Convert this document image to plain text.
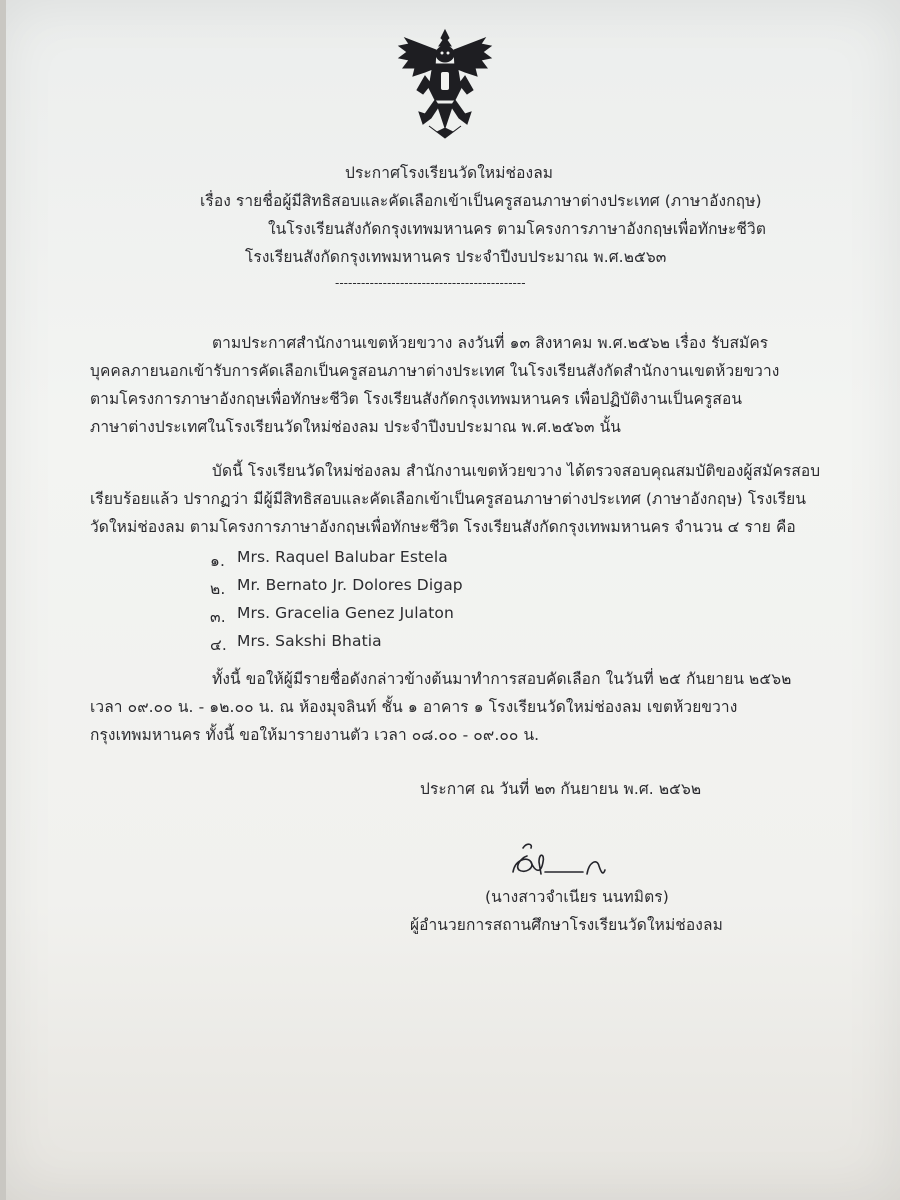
ประกาศโรงเรียนวัดใหม่ช่องลม
เรื่อง รายชื่อผู้มีสิทธิสอบและคัดเลือกเข้าเป็นครูสอนภาษาต่างประเทศ (ภาษาอังกฤษ)
ในโรงเรียนสังกัดกรุงเทพมหานคร ตามโครงการภาษาอังกฤษเพื่อทักษะชีวิต
โรงเรียนสังกัดกรุงเทพมหานคร ประจำปีงบประมาณ พ.ศ.๒๕๖๓
--------------------------------------------
ตามประกาศสำนักงานเขตห้วยขวาง ลงวันที่ ๑๓ สิงหาคม พ.ศ.๒๕๖๒ เรื่อง รับสมัคร
บุคคลภายนอกเข้ารับการคัดเลือกเป็นครูสอนภาษาต่างประเทศ ในโรงเรียนสังกัดสำนักงานเขตห้วยขวาง
ตามโครงการภาษาอังกฤษเพื่อทักษะชีวิต โรงเรียนสังกัดกรุงเทพมหานคร เพื่อปฏิบัติงานเป็นครูสอน
ภาษาต่างประเทศในโรงเรียนวัดใหม่ช่องลม ประจำปีงบประมาณ พ.ศ.๒๕๖๓ นั้น
บัดนี้ โรงเรียนวัดใหม่ช่องลม สำนักงานเขตห้วยขวาง ได้ตรวจสอบคุณสมบัติของผู้สมัครสอบ
เรียบร้อยแล้ว ปรากฏว่า มีผู้มีสิทธิสอบและคัดเลือกเข้าเป็นครูสอนภาษาต่างประเทศ (ภาษาอังกฤษ) โรงเรียน
วัดใหม่ช่องลม ตามโครงการภาษาอังกฤษเพื่อทักษะชีวิต โรงเรียนสังกัดกรุงเทพมหานคร จำนวน ๔ ราย คือ
๑. Mrs. Raquel Balubar Estela
๒. Mr. Bernato Jr. Dolores Digap
๓. Mrs. Gracelia Genez Julaton
๔. Mrs. Sakshi Bhatia
ทั้งนี้ ขอให้ผู้มีรายชื่อดังกล่าวข้างต้นมาทำการสอบคัดเลือก ในวันที่ ๒๕ กันยายน ๒๕๖๒
เวลา ๐๙.๐๐ น. - ๑๒.๐๐ น. ณ ห้องมุจลินท์ ชั้น ๑ อาคาร ๑ โรงเรียนวัดใหม่ช่องลม เขตห้วยขวาง
กรุงเทพมหานคร ทั้งนี้ ขอให้มารายงานตัว เวลา ๐๘.๐๐ - ๐๙.๐๐ น.
ประกาศ ณ วันที่ ๒๓ กันยายน พ.ศ. ๒๕๖๒
(นางสาวจำเนียร นนทมิตร)
ผู้อำนวยการสถานศึกษาโรงเรียนวัดใหม่ช่องลม
